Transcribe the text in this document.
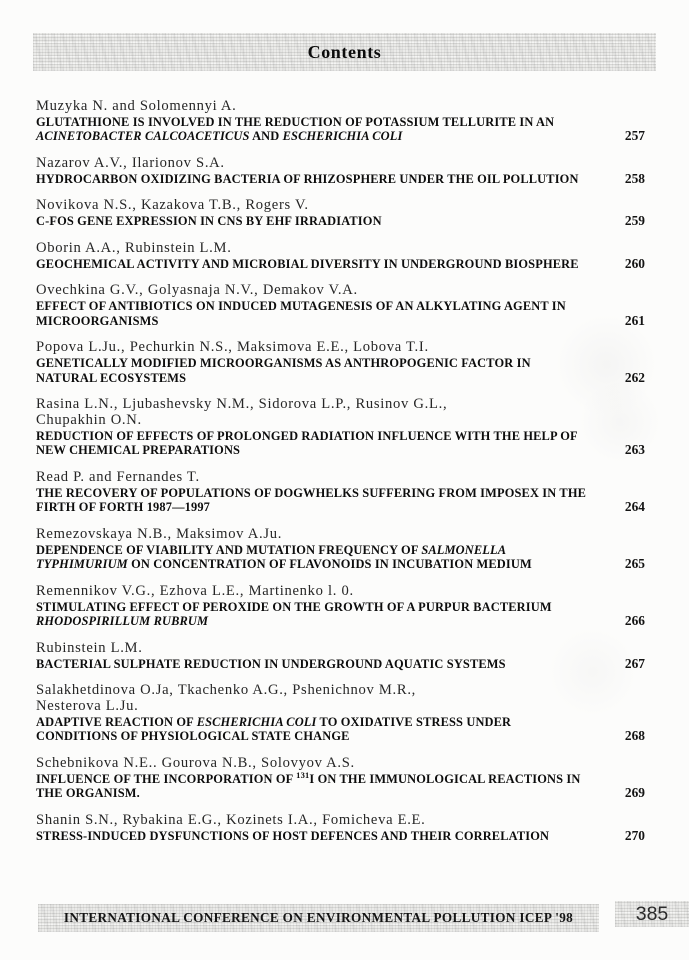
Contents
Muzyka N. and Solomennyi A.
GLUTATHIONE IS INVOLVED IN THE REDUCTION OF POTASSIUM TELLURITE IN AN
ACINETOBACTER CALCOACETICUS AND ESCHERICHIA COLI	257
Nazarov A.V., Ilarionov S.A.
HYDROCARBON OXIDIZING BACTERIA OF RHIZOSPHERE UNDER THE OIL POLLUTION	258
Novikova N.S., Kazakova T.B., Rogers V.
C-FOS GENE EXPRESSION IN CNS BY EHF IRRADIATION	259
Oborin A.A., Rubinstein L.M.
GEOCHEMICAL ACTIVITY AND MICROBIAL DIVERSITY IN UNDERGROUND BIOSPHERE	260
Ovechkina G.V., Golyasnaja N.V., Demakov V.A.
EFFECT OF ANTIBIOTICS ON INDUCED MUTAGENESIS OF AN ALKYLATING AGENT IN
MICROORGANISMS	261
Popova L.Ju., Pechurkin N.S., Maksimova E.E., Lobova T.I.
GENETICALLY MODIFIED MICROORGANISMS AS ANTHROPOGENIC FACTOR IN
NATURAL ECOSYSTEMS	262
Rasina L.N., Ljubashevsky N.M., Sidorova L.P., Rusinov G.L.,
Chupakhin O.N.
REDUCTION OF EFFECTS OF PROLONGED RADIATION INFLUENCE WITH THE HELP OF
NEW CHEMICAL PREPARATIONS	263
Read P. and Fernandes T.
THE RECOVERY OF POPULATIONS OF DOGWHELKS SUFFERING FROM IMPOSEX IN THE
FIRTH OF FORTH 1987—1997	264
Remezovskaya N.B., Maksimov A.Ju.
DEPENDENCE OF VIABILITY AND MUTATION FREQUENCY OF SALMONELLA
TYPHIMURIUM ON CONCENTRATION OF FLAVONOIDS IN INCUBATION MEDIUM	265
Remennikov V.G., Ezhova L.E., Martinenko l. 0.
STIMULATING EFFECT OF PEROXIDE ON THE GROWTH OF A PURPUR BACTERIUM
RHODOSPIRILLUM RUBRUM	266
Rubinstein L.M.
BACTERIAL SULPHATE REDUCTION IN UNDERGROUND AQUATIC SYSTEMS	267
Salakhetdinova O.Ja, Tkachenko A.G., Pshenichnov M.R.,
Nesterova L.Ju.
ADAPTIVE REACTION OF ESCHERICHIA COLI TO OXIDATIVE STRESS UNDER
CONDITIONS OF PHYSIOLOGICAL STATE CHANGE	268
Schebnikova N.E.. Gourova N.B., Solovyov A.S.
INFLUENCE OF THE INCORPORATION OF $^{131}$I ON THE IMMUNOLOGICAL REACTIONS IN
THE ORGANISM.	269
Shanin S.N., Rybakina E.G., Kozinets I.A., Fomicheva E.E.
STRESS-INDUCED DYSFUNCTIONS OF HOST DEFENCES AND THEIR CORRELATION	270
INTERNATIONAL CONFERENCE ON ENVIRONMENTAL POLLUTION ICEP '98	385
